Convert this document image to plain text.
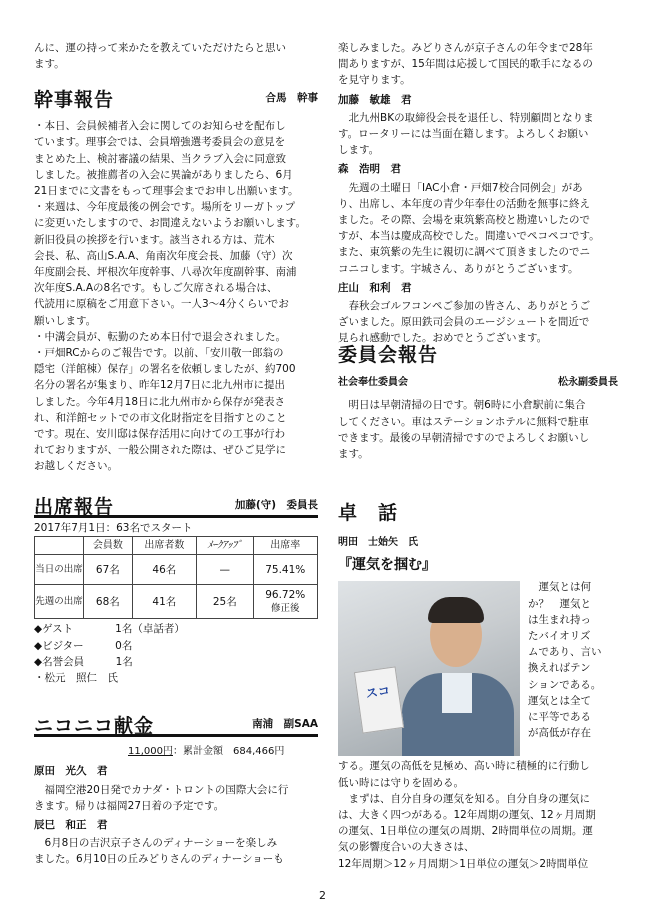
んに、運の持って来かたを教えていただけたらと思い

ます。

幹事報告	合馬　幹事

・本日、会員候補者入会に関してのお知らせを配布し

ています。理事会では、会員増強選考委員会の意見を

まとめた上、検討審議の結果、当クラブ入会に同意致

しました。被推薦者の入会に異論がありましたら、6月

21日までに文書をもって理事会までお申し出願います。

・来週は、今年度最後の例会です。場所をリーガトップ

に変更いたしますので、お間違えないようお願いします。

新旧役員の挨拶を行います。該当される方は、荒木

会長、私、高山S.A.A、角南次年度会長、加藤（守）次

年度副会長、坪根次年度幹事、八尋次年度副幹事、南浦

次年度S.A.Aの8名です。もしご欠席される場合は、

代読用に原稿をご用意下さい。一人3〜4分くらいでお

願いします。

・中溝会員が、転勤のため本日付で退会されました。

・戸畑RCからのご報告です。以前、「安川敬一郎翁の

隠宅（洋館棟）保存」の署名を依頼しましたが、約700

名分の署名が集まり、昨年12月7日に北九州市に提出

しました。今年4月18日に北九州市から保存が発表さ

れ、和洋館セットでの市文化財指定を目指すとのこと

です。現在、安川邸は保存活用に向けての工事が行わ

れておりますが、一般公開された際は、ぜひご見学に

お越しください。

出席報告	加藤(守)　委員長

2017年7月1日：63名でスタート

	会員数	出席者数	ﾒｰｸｱｯﾌﾟ	出席率
当日の出席	67名	46名	—	75.41%
先週の出席	68名	41名	25名	96.72%
修正後

◆ゲスト　　　　1名（卓話者）

◆ビジター　　　0名

◆名誉会員　　　1名

・松元　照仁　氏

ニコニコ献金	南浦　副SAA

11,000円：累計金額　684,466円

原田　光久　君

福岡空港20日発でカナダ・トロントの国際大会に行

きます。帰りは福岡27日着の予定です。

辰巳　和正　君

6月8日の吉沢京子さんのディナーショーを楽しみ

ました。6月10日の丘みどりさんのディナーショーも

楽しみました。みどりさんが京子さんの年令まで28年

間ありますが、15年間は応援して国民的歌手になるの

を見守ります。

加藤　敏雄　君

北九州BKの取締役会長を退任し、特別顧問となりま

す。ロータリーには当面在籍します。よろしくお願い

します。

森　浩明　君

先週の土曜日「IAC小倉・戸畑7校合同例会」があ

り、出席し、本年度の青少年奉仕の活動を無事に終え

ました。その際、会場を東筑紫高校と勘違いしたので

すが、本当は慶成高校でした。間違いでペコペコです。

また、東筑紫の先生に親切に調べて頂きましたのでニ

コニコします。宇城さん、ありがとうございます。

庄山　和利　君

春秋会ゴルフコンペご参加の皆さん、ありがとうご

ざいました。原田鉄司会員のエージシュートを間近で

見られ感動でした。おめでとうございます。

委員会報告
社会奉仕委員会	松永副委員長

明日は早朝清掃の日です。朝6時に小倉駅前に集合

してください。車はステーションホテルに無料で駐車

できます。最後の早朝清掃ですのでよろしくお願いし

ます。

卓　話

明田　士始矢　氏

『運気を掴む』

スコ

運気とは何

か？　運気と

は生まれ持っ

たバイオリズ

ムであり、言い

換えればテン

ションである。

運気とは全て

に平等である

が高低が存在

する。運気の高低を見極め、高い時に積極的に行動し

低い時には守りを固める。

まずは、自分自身の運気を知る。自分自身の運気に

は、大きく四つがある。12年周期の運気、12ヶ月周期

の運気、1日単位の運気の周期、2時間単位の周期。運

気の影響度合いの大きさは、

12年周期＞12ヶ月周期＞1日単位の運気＞2時間単位

2
